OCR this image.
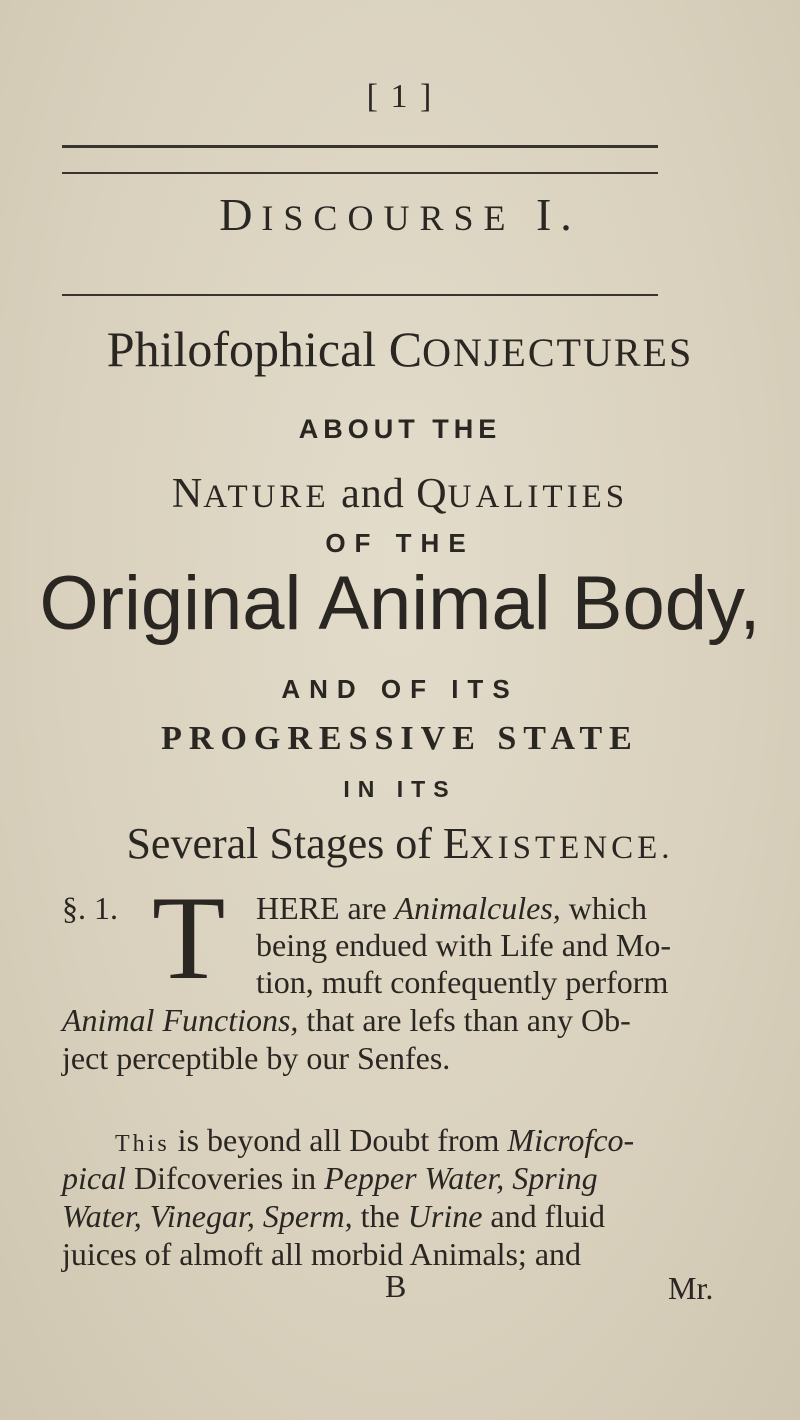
[ 1 ]
DISCOURSE I.
Philofophical CONJECTURES
ABOUT THE
NATURE and QUALITIES
OF THE
Original Animal Body,
AND OF ITS
PROGRESSIVE STATE
IN ITS
Several Stages of EXISTENCE.
§. 1. T HERE are Animalcules, which
being endued with Life and Mo-
tion, muft confequently perform
Animal Functions, that are lefs than any Ob-
ject perceptible by our Senfes.
This is beyond all Doubt from Microfco-
pical Difcoveries in Pepper Water, Spring
Water, Vinegar, Sperm, the Urine and fluid
juices of almoft all morbid Animals; and
B	Mr.
